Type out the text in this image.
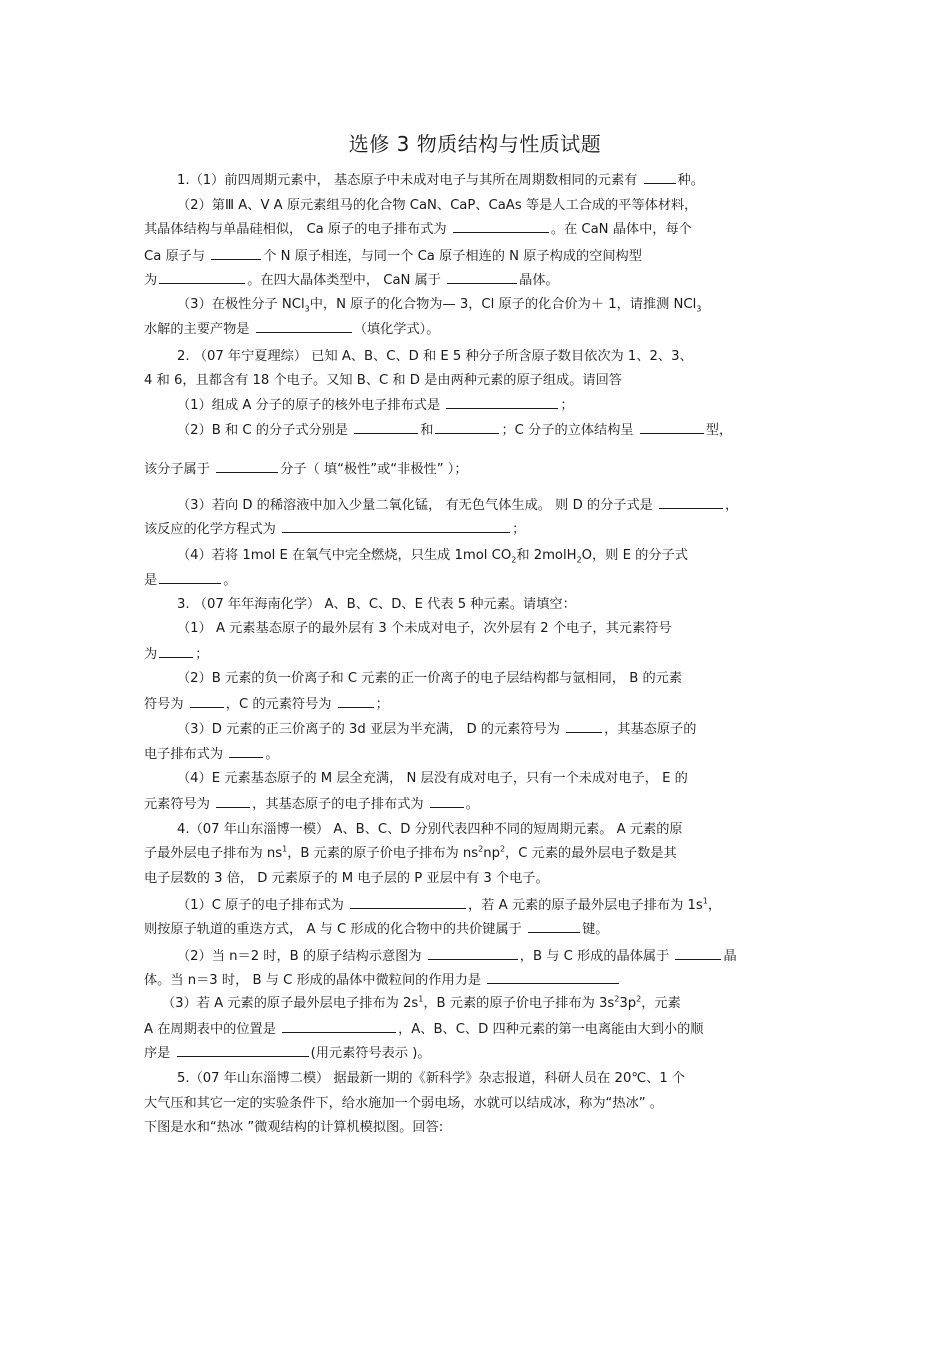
选修 3 物质结构与性质试题
1.（1）前四周期元素中， 基态原子中未成对电子与其所在周期数相同的元素有	种。
（2）第Ⅲ A、Ⅴ A 原元素组马的化合物 CaN、CaP、CaAs 等是人工合成的平等体材料，
其晶体结构与单晶硅相似， Ca 原子的电子排布式为	。在 CaN 晶体中，每个
Ca 原子与	个 N 原子相连，与同一个 Ca 原子相连的 N 原子构成的空间构型
为	。在四大晶体类型中， CaN 属于	晶体。
（3）在极性分子 NCl$_3$中，N 原子的化合物为— 3，Cl 原子的化合价为＋ 1，请推测 NCl$_3$
水解的主要产物是	（填化学式）。
2. （07 年宁夏理综） 已知 A、B、C、D 和 E 5 种分子所含原子数目依次为 1、2、3、
4 和 6，且都含有 18 个电子。又知 B、C 和 D 是由两种元素的原子组成。请回答
（1）组成 A 分子的原子的核外电子排布式是	；
（2）B 和 C 的分子式分别是	和	；C 分子的立体结构呈	型，
该分子属于	分子（ 填“极性”或“非极性” ）；
（3）若向 D 的稀溶液中加入少量二氧化锰， 有无色气体生成。 则 D 的分子式是	，
该反应的化学方程式为	；
（4）若将 1mol E 在氧气中完全燃烧，只生成 1mol $CO_2$和 2molH$_2$O，则 E 的分子式
是	。
3. （07 年年海南化学） A、B、C、D、E 代表 5 种元素。请填空：
（1） A 元素基态原子的最外层有 3 个未成对电子，次外层有 2 个电子，其元素符号
为	；
（2）B 元素的负一价离子和 C 元素的正一价离子的电子层结构都与氩相同， B 的元素
符号为	，C 的元素符号为	；
（3）D 元素的正三价离子的 3d 亚层为半充满， D 的元素符号为	，其基态原子的
电子排布式为	。
（4）E 元素基态原子的 M 层全充满， N 层没有成对电子，只有一个未成对电子， E 的
元素符号为	，其基态原子的电子排布式为	。
4.（07 年山东淄博一模） A、B、C、D 分别代表四种不同的短周期元素。 A 元素的原
子最外层电子排布为 $ns^1$，B 元素的原子价电子排布为 $ns^2np^2$，C 元素的最外层电子数是其
电子层数的 3 倍， D 元素原子的 M 电子层的 P 亚层中有 3 个电子。
（1）C 原子的电子排布式为	，若 A 元素的原子最外层电子排布为 $1s^1$，
则按原子轨道的重迭方式， A 与 C 形成的化合物中的共价键属于	键。
（2）当 n＝2 时，B 的原子结构示意图为	，B 与 C 形成的晶体属于	晶
体。当 n＝3 时， B 与 C 形成的晶体中微粒间的作用力是
（3）若 A 元素的原子最外层电子排布为 $2s^1$，B 元素的原子价电子排布为 $3s^23p^2$，元素
A 在周期表中的位置是	，A、B、C、D 四种元素的第一电离能由大到小的顺
序是	(用元素符号表示 )。
5.（07 年山东淄博二模） 据最新一期的《新科学》杂志报道，科研人员在 20℃、1 个
大气压和其它一定的实验条件下，给水施加一个弱电场，水就可以结成冰，称为“热冰” 。
下图是水和“热冰 ”微观结构的计算机模拟图。回答:
